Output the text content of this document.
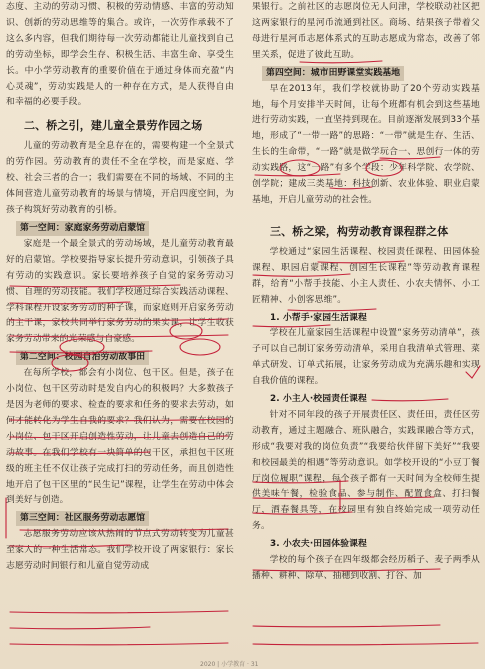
态度、主动的劳动习惯、积极的劳动情感、丰富的劳动知识、创新的劳动思维等的集合。或许，一次劳作承载不了这么多内容，但我们期待每一次劳动都能让儿童找到自己的劳动坐标，即学会生存、积极生活、丰富生命、享受生长。中小学劳动教育的重要价值在于通过身体而充盈“内心灵魂”，劳动实践是人的一种存在方式，是人获得自由和幸福的必要手段。

二、桥之引，建儿童全景劳作园之场

儿童的劳动教育是全息存在的，需要构建一个全景式的劳作园。劳动教育的责任不全在学校，而是家庭、学校、社会三者的合一；我们需要在不同的场域、不同的主体间营造儿童劳动教育的场景与情境，开启四度空间，为孩子构筑好劳动教育的引桥。

第一空间：家庭家务劳动启蒙馆

家庭是一个最全景式的劳动场域，是儿童劳动教育最好的启蒙馆。学校要指导家长提升劳动意识，引领孩子具有劳动的实践意识。家长要培养孩子自觉的家务劳动习惯、自理的劳动技能。我们学校通过综合实践活动课程、学科课程开设家务劳动的种子课，而家庭则开启家务劳动的主干课，家校共同举行家务劳动的果实课，让学生收获家务劳动带来的光荣感与自豪感。

第二空间：校园自治劳动故事田

在每所学校，都会有小岗位、包干区。但是，孩子在小岗位、包干区劳动时是发自内心的积极吗？大多数孩子是因为老师的要求、检查的要求和任务的要求去劳动，如何才能转化为学生自我的要求？我们认为，需要在校园的小岗位、包干区开启创造性劳动，让儿童去创造自己的劳动故事。在我们学校有一块简单的包干区，承担包干区班级的班主任不仅让孩子完成打扫的劳动任务，而且创造性地开启了包干区里的“民生记”课程，让学生在劳动中体会到美好与创造。

第三空间：社区服务劳动志愿馆

志愿服务劳动应该从热闹的节点式劳动转变为儿童甚至家人的一种生活常态。我们学校开设了两家银行：家长志愿劳动时间银行和儿童自觉劳动成

果银行。之前社区的志愿岗位无人问津，学校联动社区把这两家银行的星河币流通到社区。商场、结果孩子带着父母进行星河币志愿体系式的互助志愿成为常态，改善了邻里关系，促进了彼此互助。

第四空间：城市田野课堂实践基地

早在2013年，我们学校就协助了20个劳动实践基地，每个月安排半天时间，让每个班都有机会到这些基地进行劳动实践，一直坚持到现在。目前逐渐发展到33个基地，形成了“一带一路”的思路：“一带”就是生存、生活、生长的生命带，“一路”就是做学玩合一、思创行一体的劳动实践路，这“一路”有多个学段：少年科学院、农学院、创学院；建成三类基地：科技创新、农业体验、职业启蒙基地，开启儿童劳动的社会性。

三、桥之梁，构劳动教育课程群之体

学校通过“家园生活课程、校园责任课程、田园体验课程、职园启蒙课程、创园生长课程”等劳动教育课程群，给育“小帮手技能、小主人责任、小农夫情怀、小工匠精神、小创客思维”。

1. 小帮手·家园生活课程

学校在儿童家园生活课程中设置“家务劳动清单”，孩子可以自己制订家务劳动清单，采用自我清单式管理、菜单式研发、订单式拓展，让家务劳动成为充满乐趣和实现自我价值的课程。

2. 小主人·校园责任课程

针对不同年段的孩子开展责任区、责任田，责任区劳动教育，通过主题融合、班队融合，实践课融合等方式，形成“我要对我的岗位负责”“我要给伙伴留下美好”“我要和校园最美的相遇”等劳动意识。如学校开设的“小豆丁餐厅岗位履职”课程，每个孩子都有一天时间为全校师生提供美味午餐，检验食品、参与制作、配置食盒、打扫餐厅，洒春餐具等，在校园里有独自终始完成一项劳动任务。

3. 小农夫·田园体验课程

学校的每个孩子在四年级都会经历稻子、麦子两季从播种、耕种、除草、抽穗到收割、打谷、加

2020 | 小学教育 · 31
